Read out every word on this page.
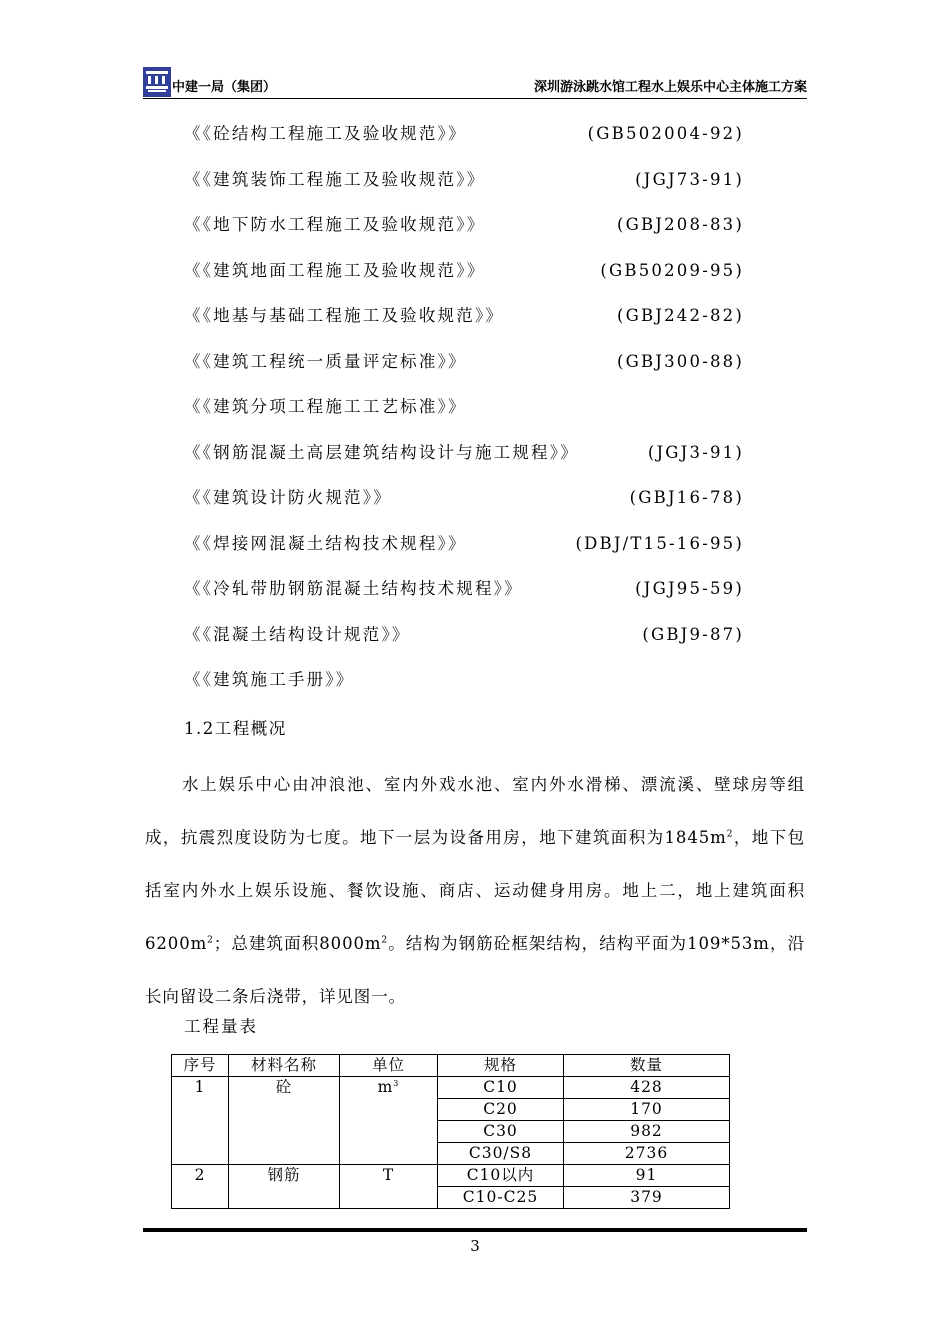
中建一局（集团）	深圳游泳跳水馆工程水上娱乐中心主体施工方案
《《砼结构工程施工及验收规范》》	(GB502004-92)
《《建筑装饰工程施工及验收规范》》	(JGJ73-91)
《《地下防水工程施工及验收规范》》	(GBJ208-83)
《《建筑地面工程施工及验收规范》》	(GB50209-95)
《《地基与基础工程施工及验收规范》》	(GBJ242-82)
《《建筑工程统一质量评定标准》》	(GBJ300-88)
《《建筑分项工程施工工艺标准》》
《《钢筋混凝土高层建筑结构设计与施工规程》》	(JGJ3-91)
《《建筑设计防火规范》》	(GBJ16-78)
《《焊接网混凝土结构技术规程》》	(DBJ/T15-16-95)
《《冷轧带肋钢筋混凝土结构技术规程》》	(JGJ95-59)
《《混凝土结构设计规范》》	(GBJ9-87)
《《建筑施工手册》》
1.2工程概况
水上娱乐中心由冲浪池、室内外戏水池、室内外水滑梯、漂流溪、壁球房等组成，抗震烈度设防为七度。地下一层为设备用房，地下建筑面积为$1845m^2$，地下包括室内外水上娱乐设施、餐饮设施、商店、运动健身用房。地上二，地上建筑面积$6200m^2$；总建筑面积$8000m^2$。结构为钢筋砼框架结构，结构平面为109*53m，沿长向留设二条后浇带，详见图一。
工程量表
序号	材料名称	单位	规格	数量
1	砼	$m^3$	C10	428
			C20	170
			C30	982
			C30/S8	2736
2	钢筋	T	C10以内	91
			C10-C25	379
3
